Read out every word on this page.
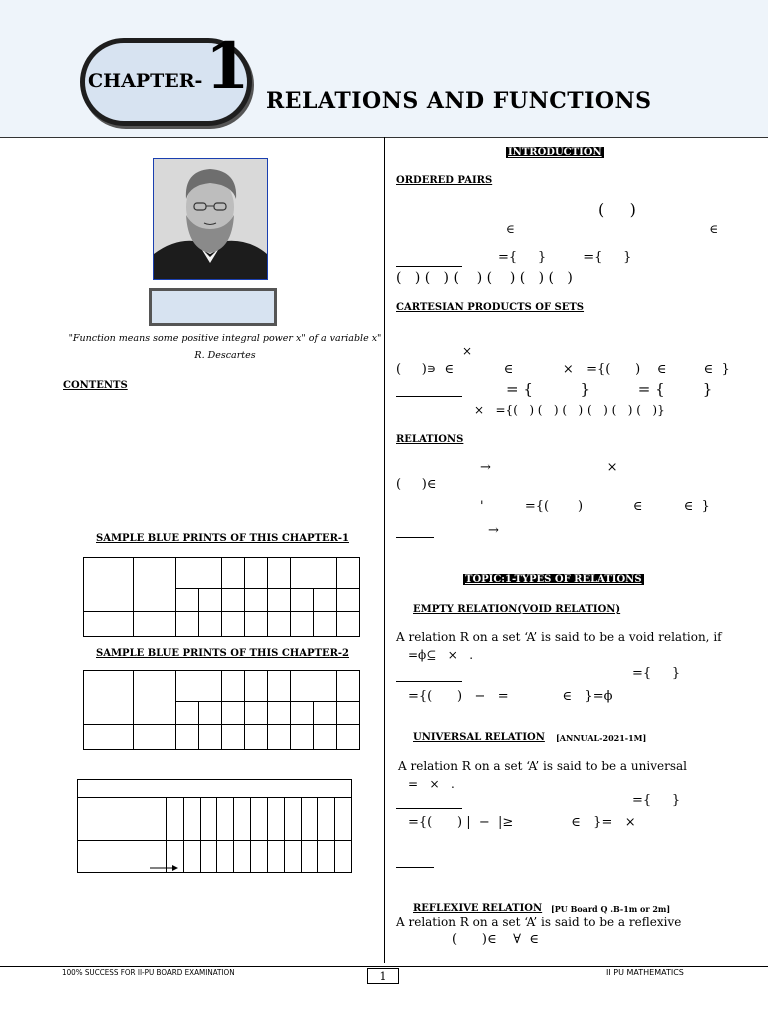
CHAPTER- 1 RELATIONS AND FUNCTIONS
"Function means some positive integral power x" of a variable x"
R. Descartes
CONTENTS
SAMPLE BLUE PRINTS OF THIS CHAPTER-1

SAMPLE BLUE PRINTS OF THIS CHAPTER-2

INTRODUCTION
ORDERED PAIRS
(     )
∈                                                   ∈
={     }         ={     }
(   ) (   ) (    ) (    ) (   ) (   )
CARTESIAN PRODUCTS OF SETS
×
(     )∍  ∈            ∈            ×   ={(      )    ∈         ∈  }
= {          }          = {        }
×   ={(   ) (   ) (   ) (   ) (   ) (   )}
RELATIONS
→                            ×
(     )∈
'          ={(       )            ∈          ∈  }
→
TOPIC:1-TYPES OF RELATIONS
EMPTY RELATION(VOID RELATION)
A relation R on a set ‘A’ is said to be a void relation, if
=ϕ⊆   ×   .
={     }
={(      )   −   =             ∈   }=ϕ
UNIVERSAL RELATION [ANNUAL-2021-1M]
A relation R on a set ‘A’ is said to be a universal
=   ×   .
={     }
={(      ) |  −  |≥              ∈   }=   ×
REFLEXIVE RELATION [PU Board Q .B-1m or 2m]
A relation R on a set ‘A’ is said to be a reflexive
(      )∈    ∀  ∈
100% SUCCESS FOR II-PU BOARD EXAMINATION	1	II PU MATHEMATICS
